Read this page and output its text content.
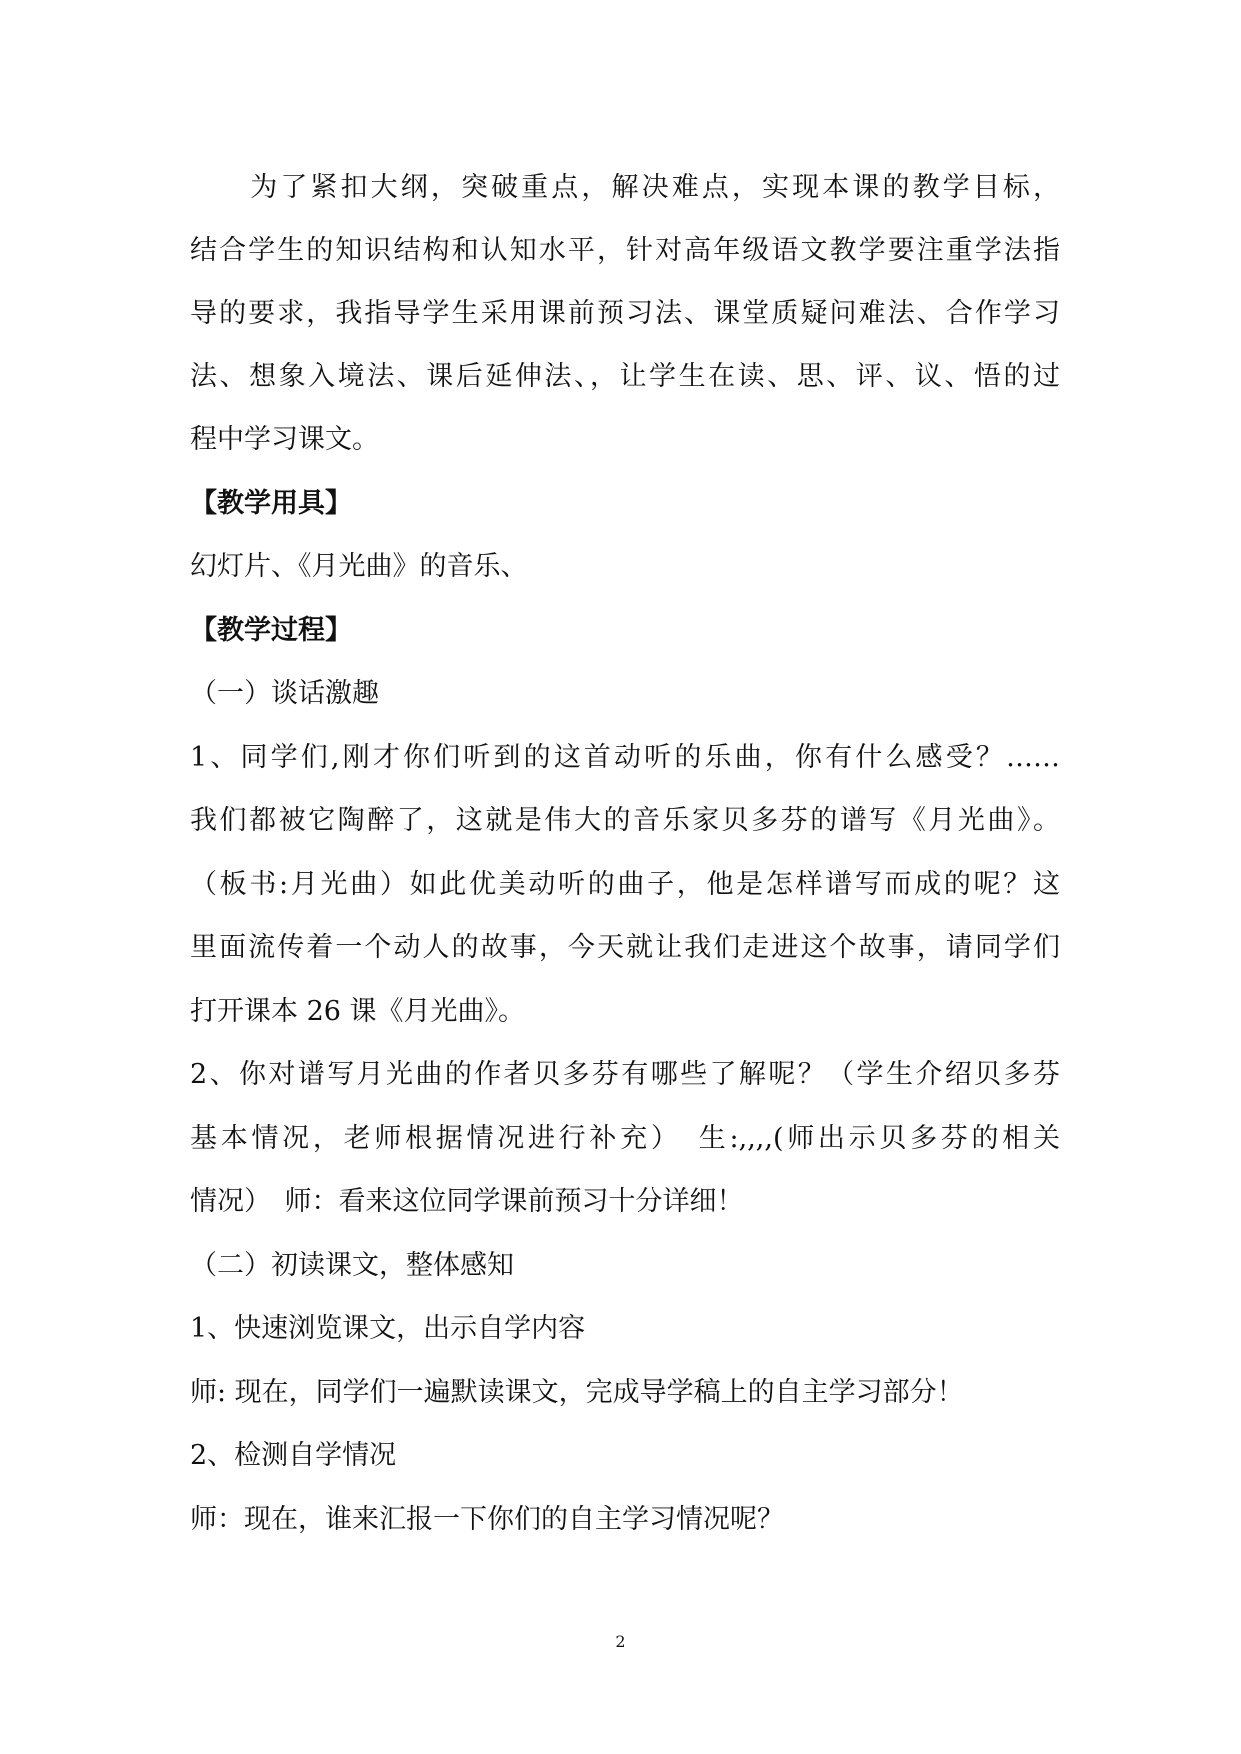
　　为了紧扣大纲，突破重点，解决难点，实现本课的教学目标，
结合学生的知识结构和认知水平，针对高年级语文教学要注重学法指
导的要求，我指导学生采用课前预习法、课堂质疑问难法、合作学习
法、想象入境法、课后延伸法、，让学生在读、思、评、议、悟的过
程中学习课文。
【教学用具】
幻灯片、《月光曲》的音乐、
【教学过程】
（一）谈话激趣
1、同学们,刚才你们听到的这首动听的乐曲，你有什么感受？……
我们都被它陶醉了，这就是伟大的音乐家贝多芬的谱写《月光曲》。
（板书:月光曲）如此优美动听的曲子，他是怎样谱写而成的呢？这
里面流传着一个动人的故事，今天就让我们走进这个故事，请同学们
打开课本 26 课《月光曲》。
2、你对谱写月光曲的作者贝多芬有哪些了解呢？（学生介绍贝多芬
基本情况，老师根据情况进行补充）　生:,,,,(师出示贝多芬的相关
情况）　师：看来这位同学课前预习十分详细！
（二）初读课文，整体感知
1、快速浏览课文，出示自学内容
师: 现在，同学们一遍默读课文，完成导学稿上的自主学习部分！
2、检测自学情况
师：现在，谁来汇报一下你们的自主学习情况呢？
2
